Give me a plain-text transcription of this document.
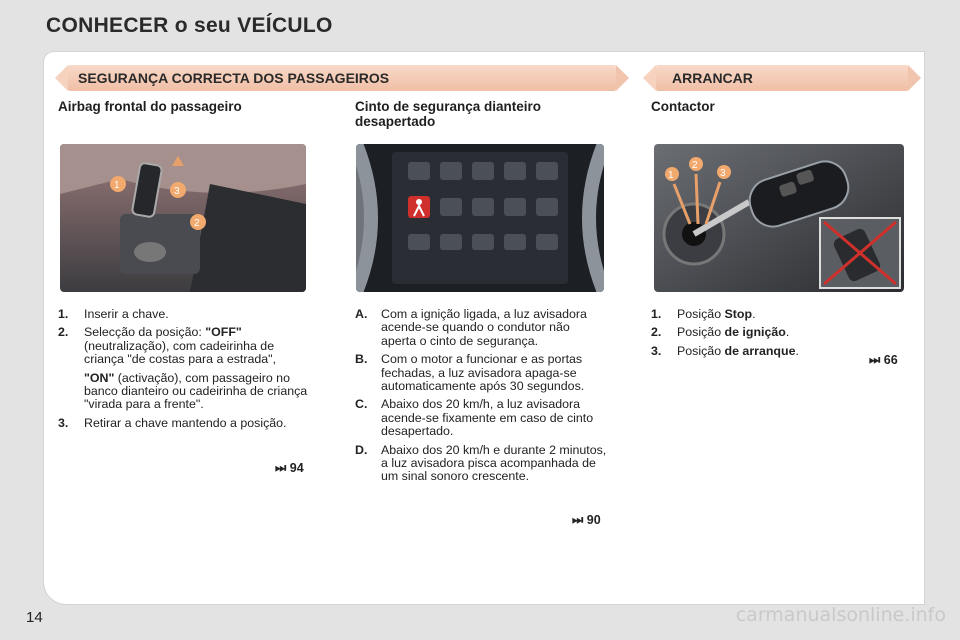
CONHECER o seu VEÍCULO
SEGURANÇA CORRECTA DOS PASSAGEIROS	ARRANCAR
Airbag frontal do passageiro
1
2
3
1. Inserir a chave.
2. Selecção da posição: "OFF" (neutralização), com cadeirinha de criança "de costas para a estrada",
"ON" (activação), com passageiro no banco dianteiro ou cadeirinha de criança "virada para a frente".
3. Retirar a chave mantendo a posição.
⏭ 94
Cinto de segurança dianteiro desapertado
A. Com a ignição ligada, a luz avisadora acende-se quando o condutor não aperta o cinto de segurança.
B. Com o motor a funcionar e as portas fechadas, a luz avisadora apaga-se automaticamente após 30 segundos.
C. Abaixo dos 20 km/h, a luz avisadora acende-se fixamente em caso de cinto desapertado.
D. Abaixo dos 20 km/h e durante 2 minutos, a luz avisadora pisca acompanhada de um sinal sonoro crescente.
⏭ 90
Contactor
1
2
3
1. Posição Stop.
2. Posição de ignição.
3. Posição de arranque.
⏭ 66
14	carmanualsonline.info
